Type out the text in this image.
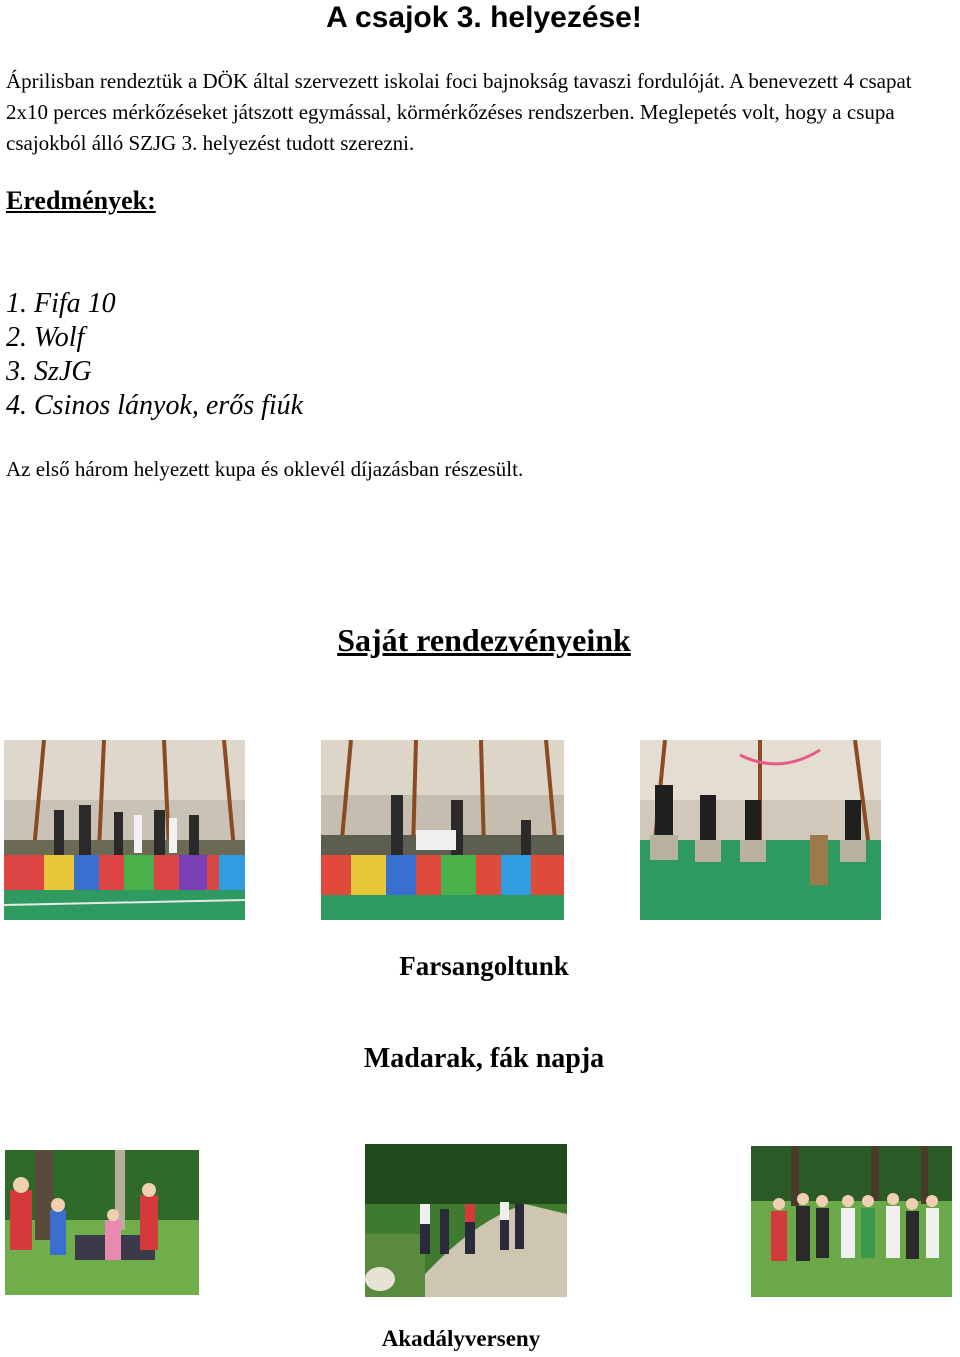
A csajok 3. helyezése!
Áprilisban rendeztük a DÖK által szervezett iskolai foci bajnokság tavaszi fordulóját. A benevezett 4 csapat 2x10 perces mérkőzéseket játszott egymással, körmérkőzéses rendszerben. Meglepetés volt, hogy a csupa csajokból álló SZJG 3. helyezést tudott szerezni.
Eredmények:
1. Fifa 10
2. Wolf
3. SzJG
4. Csinos lányok, erős fiúk
Az első három helyezett kupa és oklevél díjazásban részesült.
Saját rendezvényeink
Farsangoltunk
Madarak, fák napja
Akadályverseny
